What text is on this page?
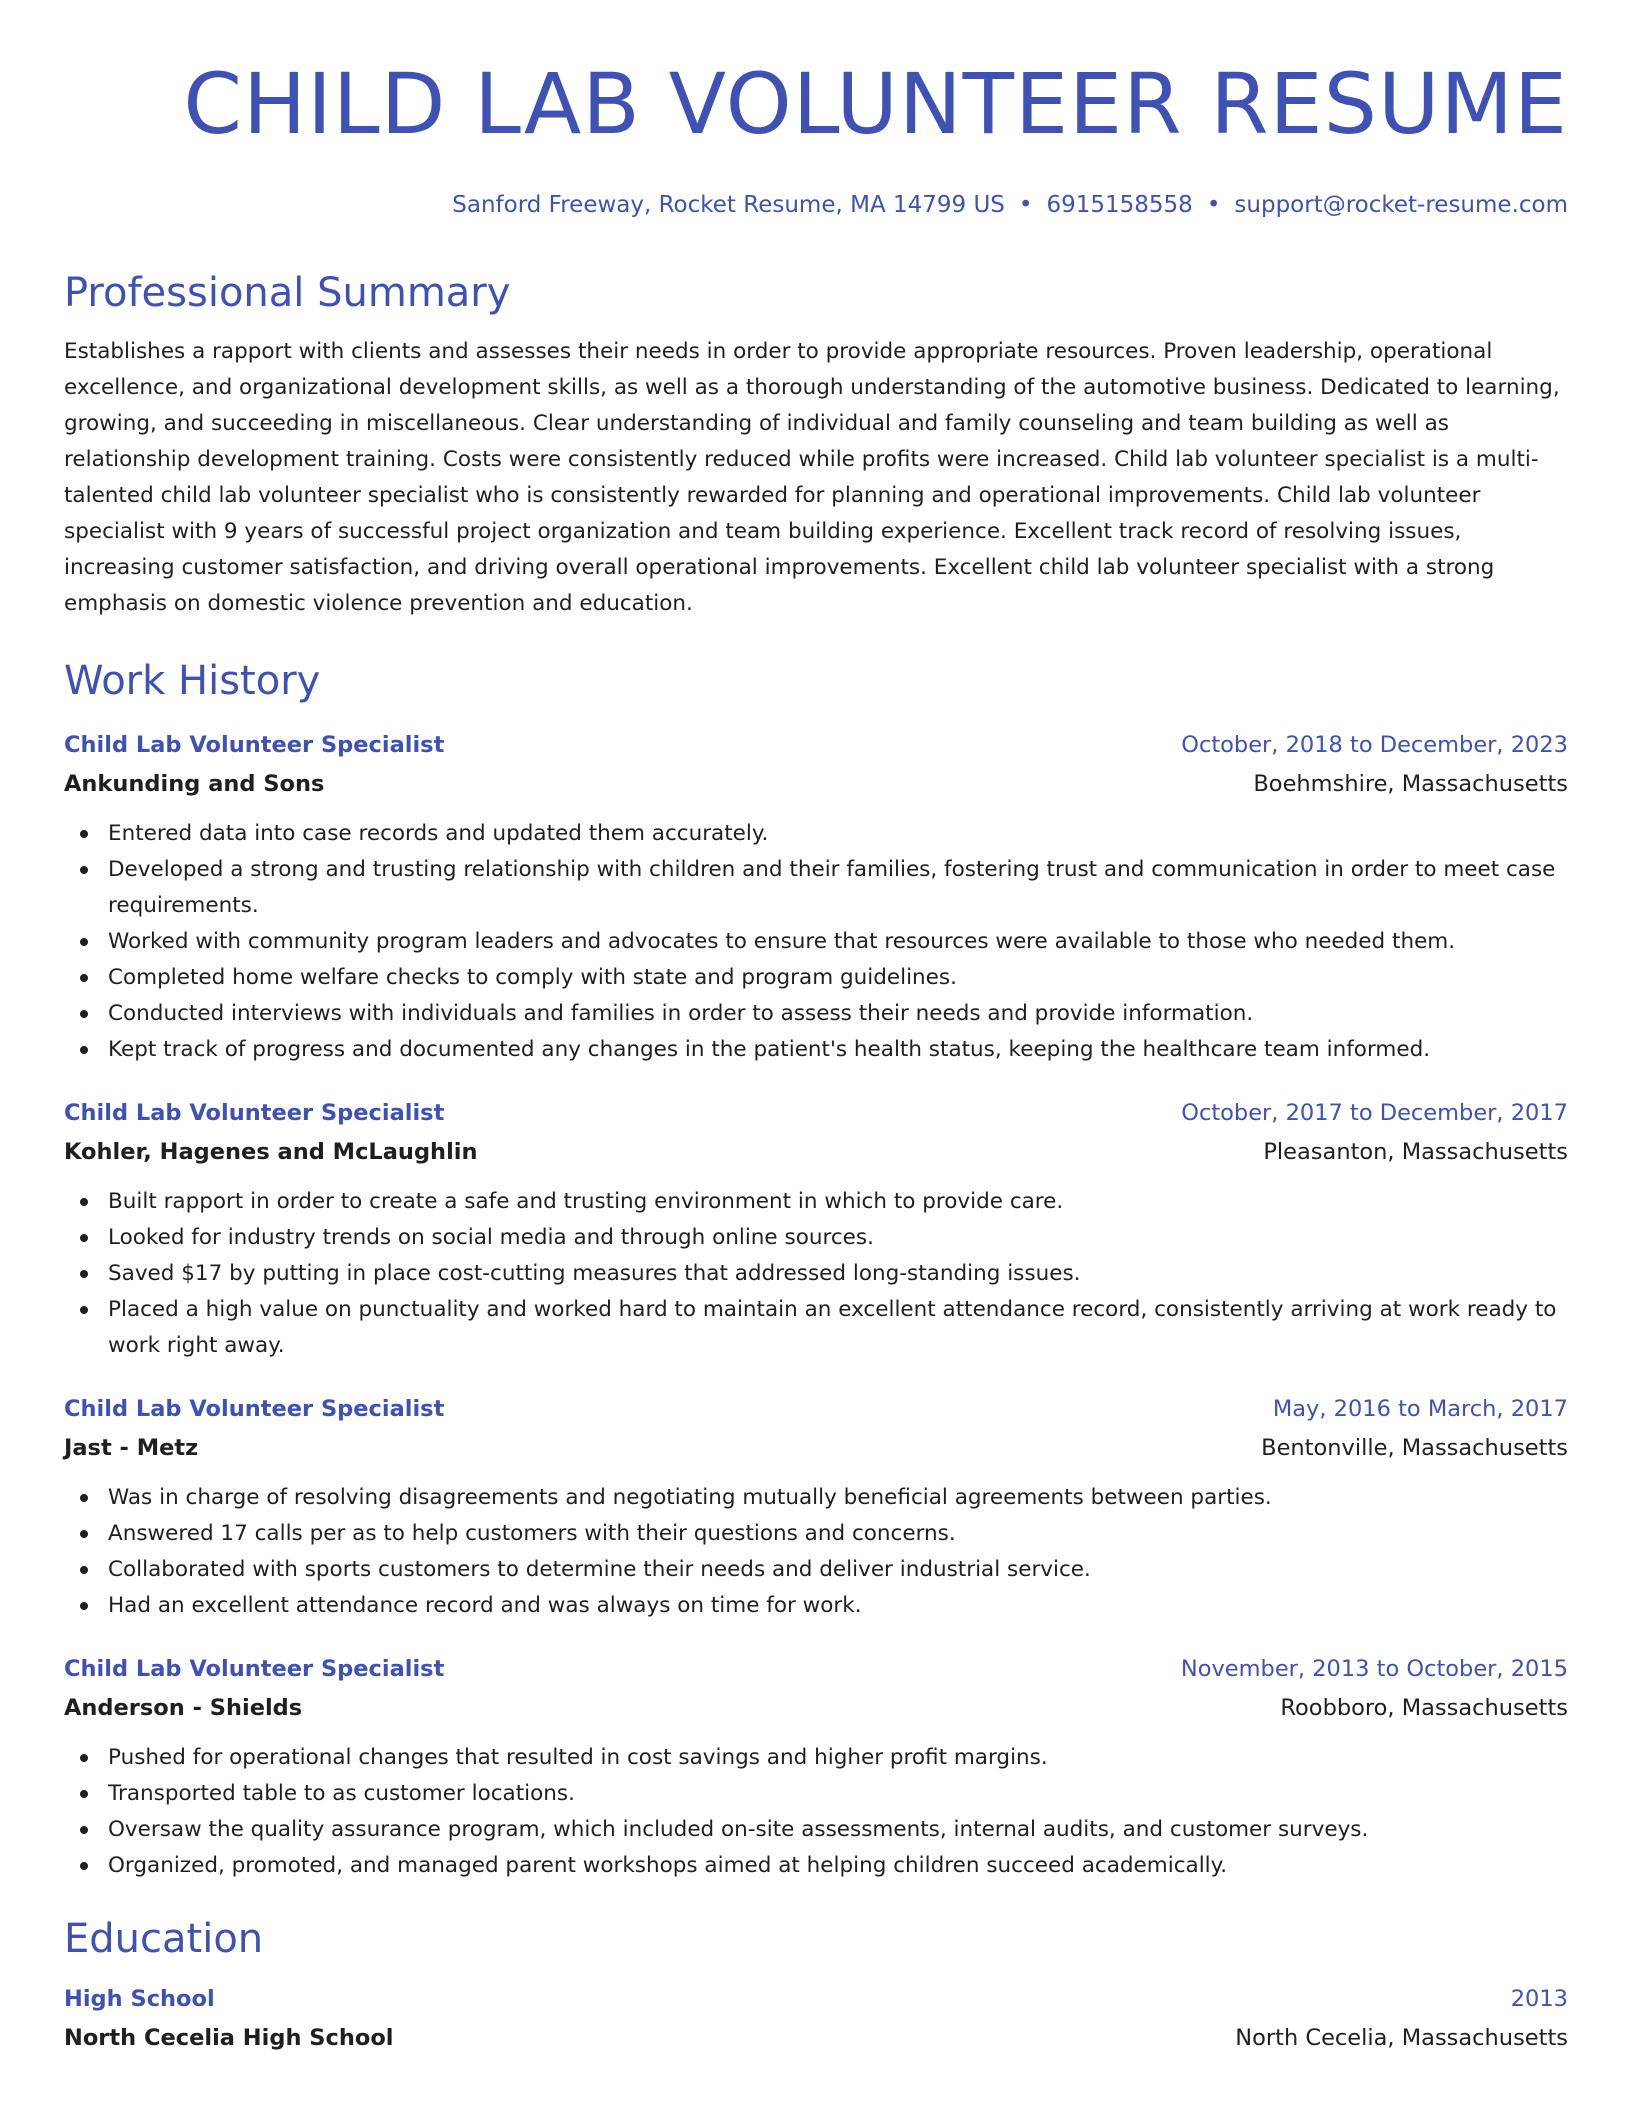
CHILD LAB VOLUNTEER RESUME
Sanford Freeway, Rocket Resume, MA 14799 US • 6915158558 • support@rocket-resume.com
Professional Summary
Establishes a rapport with clients and assesses their needs in order to provide appropriate resources. Proven leadership, operational excellence, and organizational development skills, as well as a thorough understanding of the automotive business. Dedicated to learning, growing, and succeeding in miscellaneous. Clear understanding of individual and family counseling and team building as well as relationship development training. Costs were consistently reduced while profits were increased. Child lab volunteer specialist is a multi-talented child lab volunteer specialist who is consistently rewarded for planning and operational improvements. Child lab volunteer specialist with 9 years of successful project organization and team building experience. Excellent track record of resolving issues, increasing customer satisfaction, and driving overall operational improvements. Excellent child lab volunteer specialist with a strong emphasis on domestic violence prevention and education.
Work History
Child Lab Volunteer Specialist	October, 2018 to December, 2023
Ankunding and Sons	Boehmshire, Massachusetts
Entered data into case records and updated them accurately.
Developed a strong and trusting relationship with children and their families, fostering trust and communication in order to meet case requirements.
Worked with community program leaders and advocates to ensure that resources were available to those who needed them.
Completed home welfare checks to comply with state and program guidelines.
Conducted interviews with individuals and families in order to assess their needs and provide information.
Kept track of progress and documented any changes in the patient's health status, keeping the healthcare team informed.
Child Lab Volunteer Specialist	October, 2017 to December, 2017
Kohler, Hagenes and McLaughlin	Pleasanton, Massachusetts
Built rapport in order to create a safe and trusting environment in which to provide care.
Looked for industry trends on social media and through online sources.
Saved $17 by putting in place cost-cutting measures that addressed long-standing issues.
Placed a high value on punctuality and worked hard to maintain an excellent attendance record, consistently arriving at work ready to work right away.
Child Lab Volunteer Specialist	May, 2016 to March, 2017
Jast - Metz	Bentonville, Massachusetts
Was in charge of resolving disagreements and negotiating mutually beneficial agreements between parties.
Answered 17 calls per as to help customers with their questions and concerns.
Collaborated with sports customers to determine their needs and deliver industrial service.
Had an excellent attendance record and was always on time for work.
Child Lab Volunteer Specialist	November, 2013 to October, 2015
Anderson - Shields	Roobboro, Massachusetts
Pushed for operational changes that resulted in cost savings and higher profit margins.
Transported table to as customer locations.
Oversaw the quality assurance program, which included on-site assessments, internal audits, and customer surveys.
Organized, promoted, and managed parent workshops aimed at helping children succeed academically.
Education
High School	2013
North Cecelia High School	North Cecelia, Massachusetts
